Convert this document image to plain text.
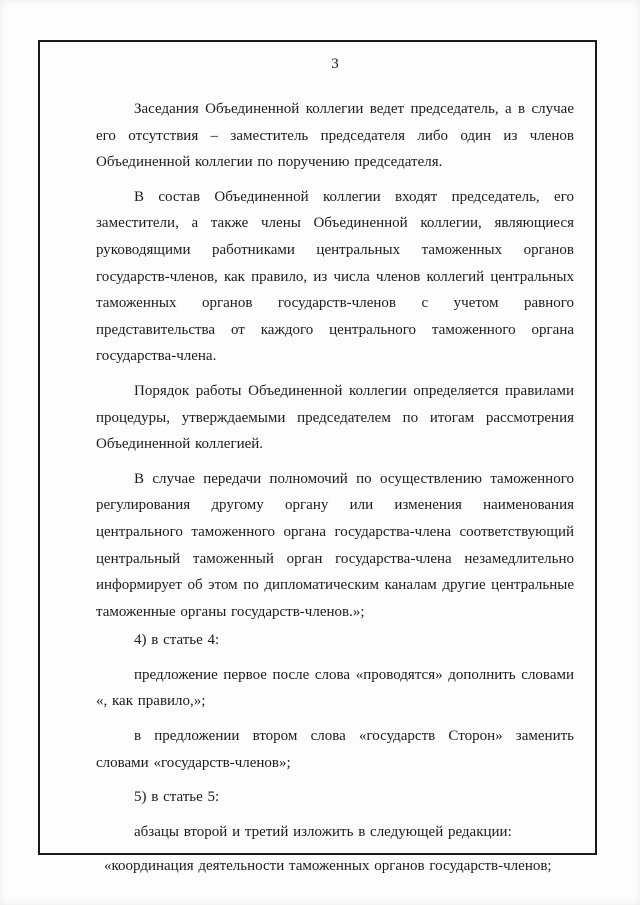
3

Заседания Объединенной коллегии ведет председатель, а в случае его отсутствия – заместитель председателя либо один из членов Объединенной коллегии по поручению председателя.

В состав Объединенной коллегии входят председатель, его заместители, а также члены Объединенной коллегии, являющиеся руководящими работниками центральных таможенных органов государств-членов, как правило, из числа членов коллегий центральных таможенных органов государств-членов с учетом равного представительства от каждого центрального таможенного органа государства-члена.

Порядок работы Объединенной коллегии определяется правилами процедуры, утверждаемыми председателем по итогам рассмотрения Объединенной коллегией.

В случае передачи полномочий по осуществлению таможенного регулирования другому органу или изменения наименования центрального таможенного органа государства-члена соответствующий центральный таможенный орган государства-члена незамедлительно информирует об этом по дипломатическим каналам другие центральные таможенные органы государств-членов.»;

4) в статье 4:

предложение первое после слова «проводятся» дополнить словами «, как правило,»;

в предложении втором слова «государств Сторон» заменить словами «государств-членов»;

5) в статье 5:

абзацы второй и третий изложить в следующей редакции:

«координация деятельности таможенных органов государств-членов;
